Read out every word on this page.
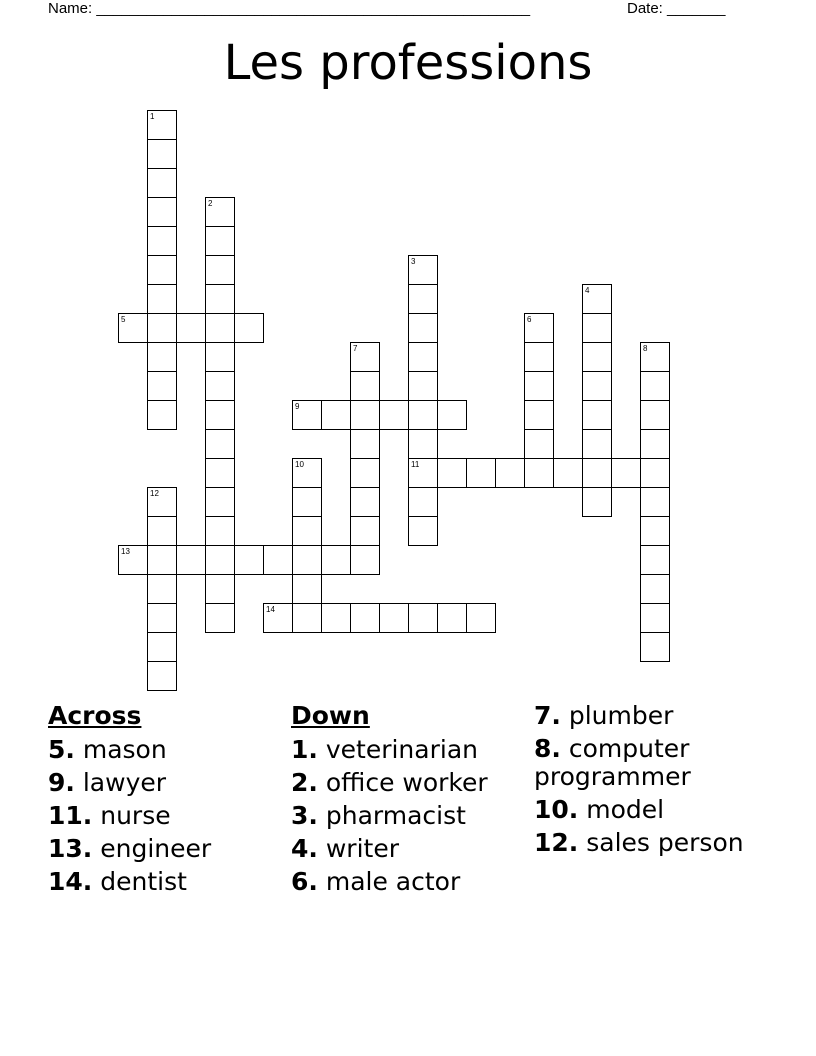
Name: ____________________________________________________	Date: _______
Les professions
1
2
3
11
4
5	6
7	8
9
10
12
13
14
Across
5. mason
9. lawyer
11. nurse
13. engineer
14. dentist
Down
1. veterinarian
2. office worker
3. pharmacist
4. writer
6. male actor
7. plumber
8. computer programmer
10. model
12. sales person
